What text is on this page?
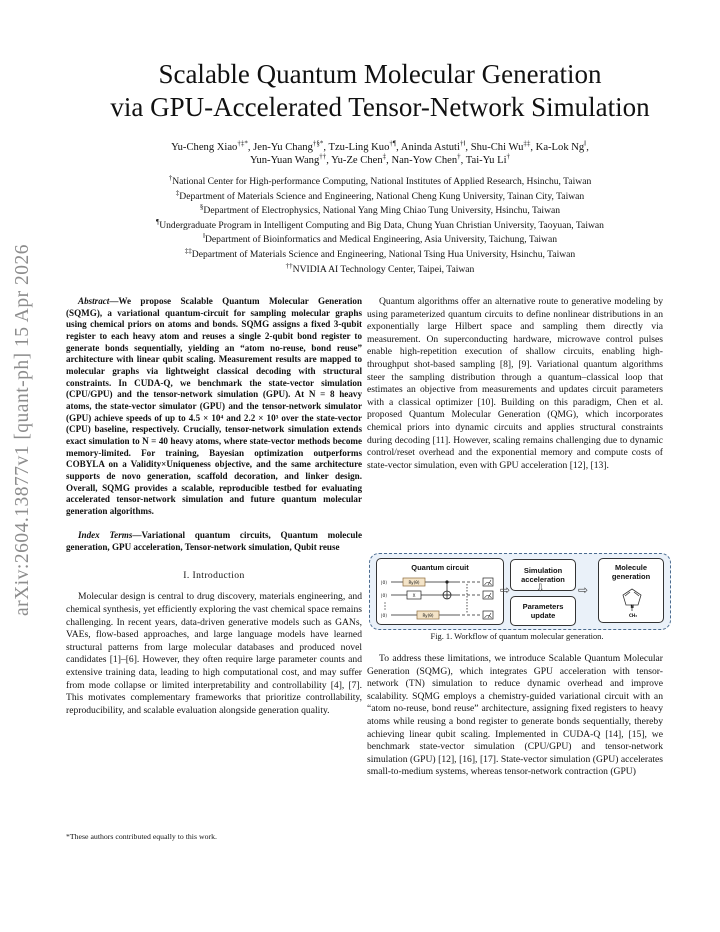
arXiv:2604.13877v1 [quant-ph] 15 Apr 2026
Scalable Quantum Molecular Generation
via GPU-Accelerated Tensor-Network Simulation
Yu-Cheng Xiao†‡*, Jen-Yu Chang†§*, Tzu-Ling Kuo†¶, Aninda Astuti†‖, Shu-Chi Wu‡‡, Ka-Lok Ng‖,
Yun-Yuan Wang††, Yu-Ze Chen‡, Nan-Yow Chen†, Tai-Yu Li†
†National Center for High-performance Computing, National Institutes of Applied Research, Hsinchu, Taiwan
‡Department of Materials Science and Engineering, National Cheng Kung University, Tainan City, Taiwan
§Department of Electrophysics, National Yang Ming Chiao Tung University, Hsinchu, Taiwan
¶Undergraduate Program in Intelligent Computing and Big Data, Chung Yuan Christian University, Taoyuan, Taiwan
‖Department of Bioinformatics and Medical Engineering, Asia University, Taichung, Taiwan
‡‡Department of Materials Science and Engineering, National Tsing Hua University, Hsinchu, Taiwan
††NVIDIA AI Technology Center, Taipei, Taiwan
Abstract—We propose Scalable Quantum Molecular Generation (SQMG), a variational quantum-circuit for sampling molecular graphs using chemical priors on atoms and bonds. SQMG assigns a fixed 3-qubit register to each heavy atom and reuses a single 2-qubit bond register to generate bonds sequentially, yielding an “atom no-reuse, bond reuse” architecture with linear qubit scaling. Measurement results are mapped to molecular graphs via lightweight classical decoding with structural constraints. In CUDA-Q, we benchmark the state-vector simulation (CPU/GPU) and the tensor-network simulation (GPU). At N = 8 heavy atoms, the state-vector simulator (GPU) and the tensor-network simulator (GPU) achieve speeds of up to 4.5 × 10⁴ and 2.2 × 10³ over the state-vector (CPU) baseline, respectively. Crucially, tensor-network simulation extends exact simulation to N = 40 heavy atoms, where state-vector methods become memory-limited. For training, Bayesian optimization outperforms COBYLA on a Validity×Uniqueness objective, and the same architecture supports de novo generation, scaffold decoration, and linker design. Overall, SQMG provides a scalable, reproducible testbed for evaluating accelerated tensor-network simulation and future quantum molecular generation algorithms.
Index Terms—Variational quantum circuits, Quantum molecule generation, GPU acceleration, Tensor-network simulation, Qubit reuse
I. Introduction
Molecular design is central to drug discovery, materials engineering, and chemical synthesis, yet efficiently exploring the vast chemical space remains challenging. In recent years, data-driven generative models such as GANs, VAEs, flow-based approaches, and large language models have learned structural patterns from large molecular databases and produced novel candidates [1]–[6]. However, they often require large parameter counts and extensive training data, leading to high computational cost, and may suffer from mode collapse or limited interpretability and controllability [4], [7]. This motivates complementary frameworks that prioritize controllability, reproducibility, and scalable evaluation alongside generation quality.
*These authors contributed equally to this work.
Quantum algorithms offer an alternative route to generative modeling by using parameterized quantum circuits to define nonlinear distributions in an exponentially large Hilbert space and sampling them directly via measurement. On superconducting hardware, microwave control pulses enable high-repetition execution of shallow circuits, enabling high-throughput shot-based sampling [8], [9]. Variational quantum algorithms steer the sampling distribution through a quantum–classical loop that estimates an objective from measurements and updates circuit parameters with a classical optimizer [10]. Building on this paradigm, Chen et al. proposed Quantum Molecular Generation (QMG), which incorporates chemical priors into dynamic circuits and applies structural constraints during decoding [11]. However, scaling remains challenging due to dynamic control/reset overhead and the exponential memory and compute costs of state-vector simulation, even with GPU acceleration [12], [13].
Quantum circuit
|0⟩
|0⟩
|0⟩
Ry(θ)
X
Ry(θ)
Simulation acceleration
Parameters update
Molecule generation
N
CH₃
⇨	⇩	⇨
Fig. 1. Workflow of quantum molecular generation.
To address these limitations, we introduce Scalable Quantum Molecular Generation (SQMG), which integrates GPU acceleration with tensor-network (TN) simulation to reduce dynamic overhead and improve scalability. SQMG employs a chemistry-guided variational circuit with an “atom no-reuse, bond reuse” architecture, assigning fixed registers to heavy atoms while reusing a bond register to generate bonds sequentially, thereby achieving linear qubit scaling. Implemented in CUDA-Q [14], [15], we benchmark state-vector simulation (CPU/GPU) and tensor-network simulation (GPU) [12], [16], [17]. State-vector simulation (GPU) accelerates small-to-medium systems, whereas tensor-network contraction (GPU)
